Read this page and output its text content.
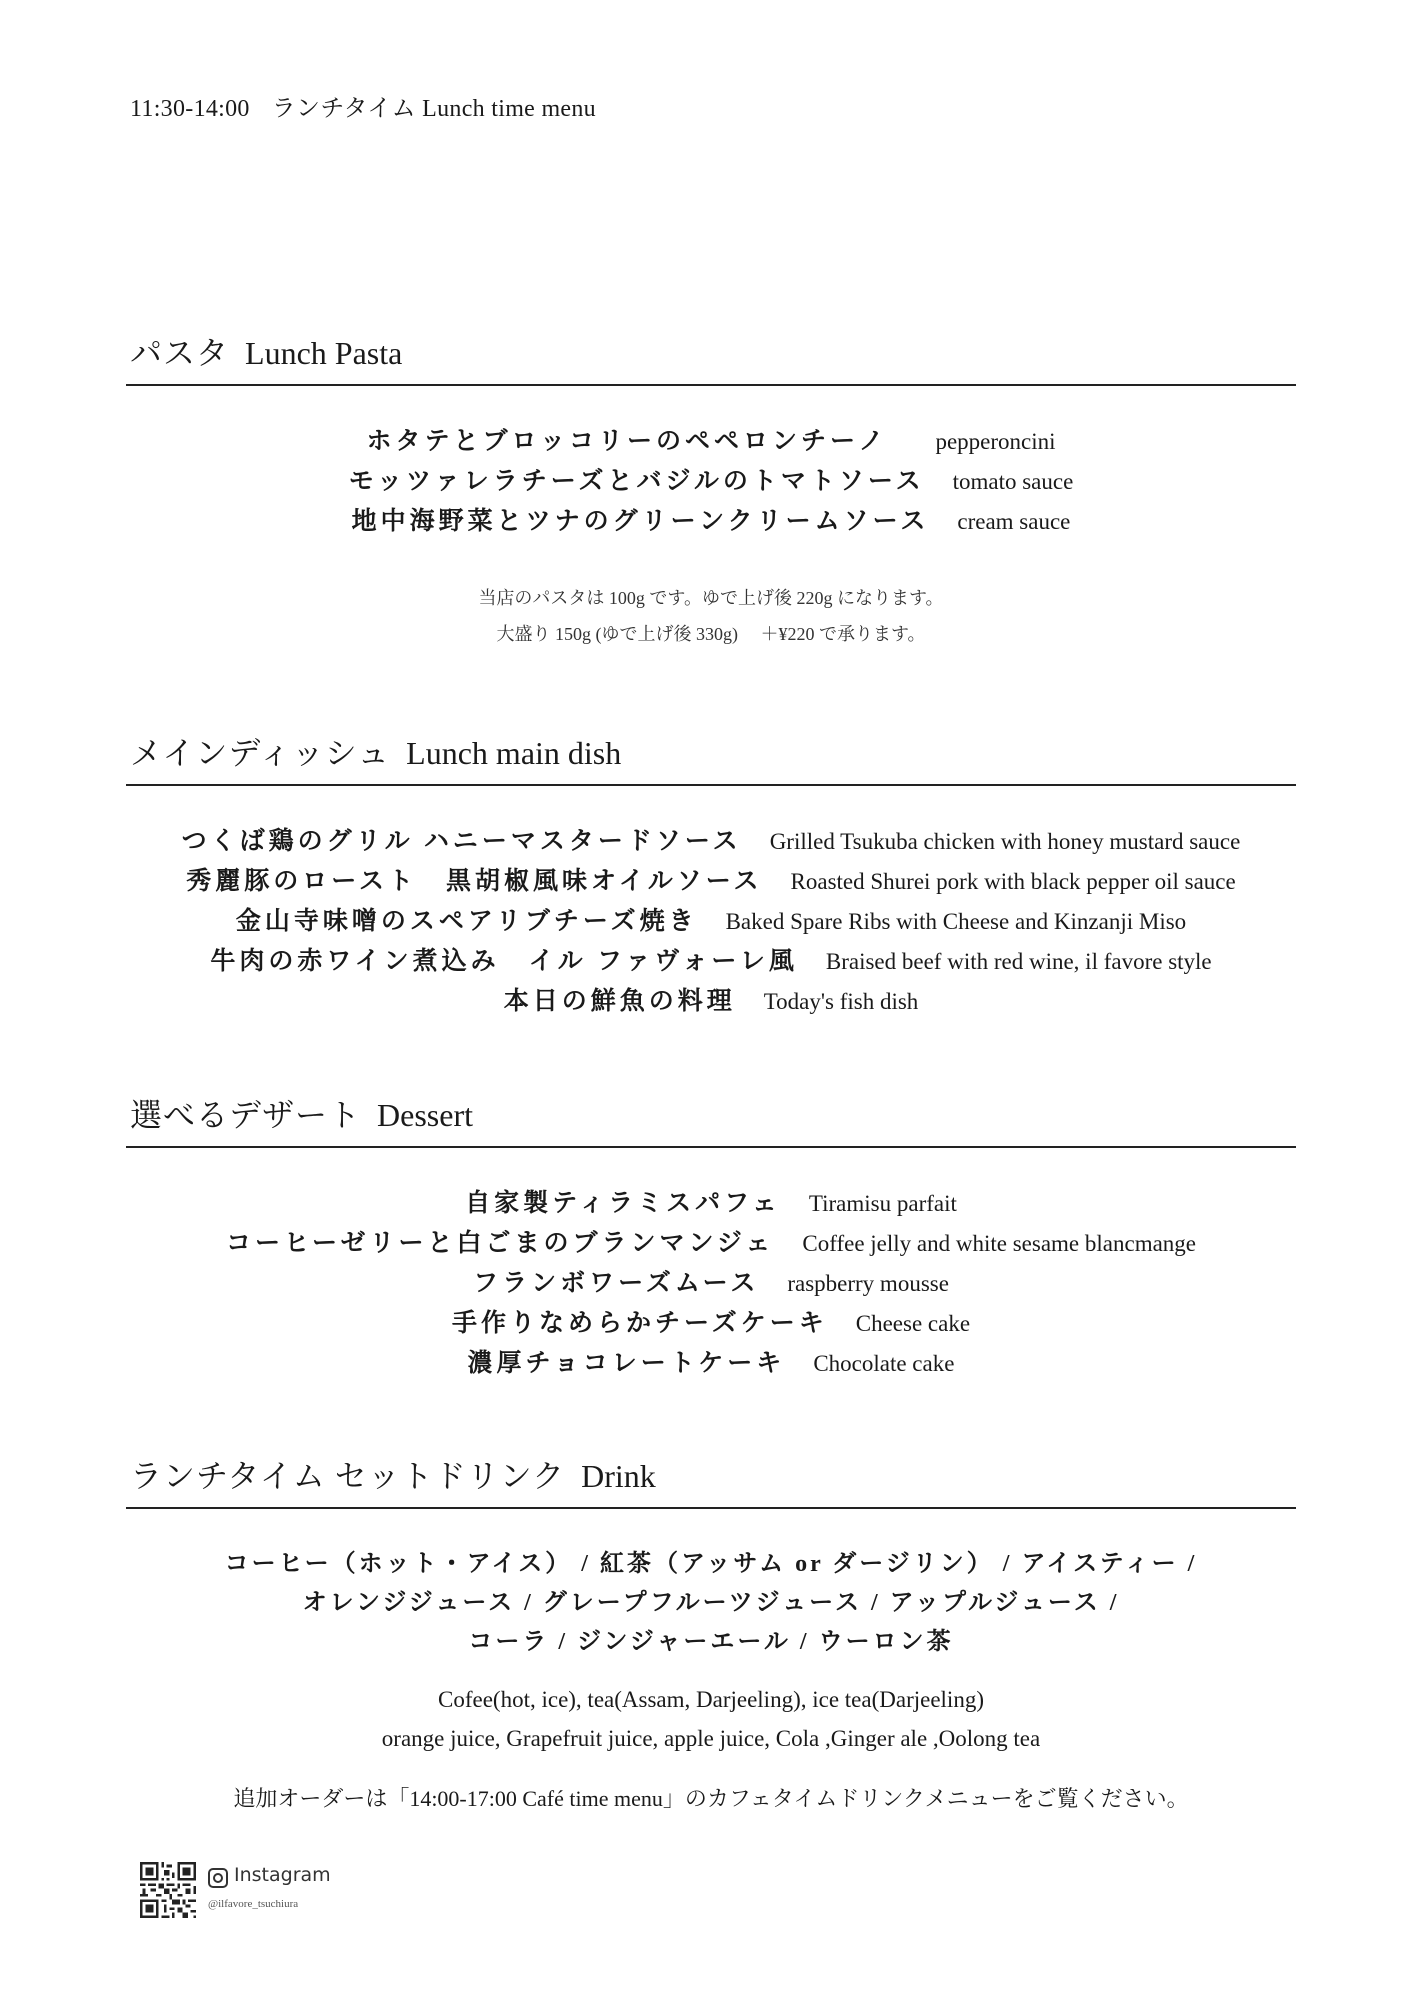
11:30-14:00 ランチタイム Lunch time menu
パスタ Lunch Pasta
ホタテとブロッコリーのペペロンチーノ pepperoncini
モッツァレラチーズとバジルのトマトソース tomato sauce
地中海野菜とツナのグリーンクリームソース cream sauce
当店のパスタは 100g です。ゆで上げ後 220g になります。
大盛り 150g (ゆで上げ後 330g)　 ＋¥220 で承ります。
メインディッシュ Lunch main dish
つくば鶏のグリル ハニーマスタードソース Grilled Tsukuba chicken with honey mustard sauce
秀麗豚のロースト　黒胡椒風味オイルソース Roasted Shurei pork with black pepper oil sauce
金山寺味噌のスペアリブチーズ焼き Baked Spare Ribs with Cheese and Kinzanji Miso
牛肉の赤ワイン煮込み　イル ファヴォーレ風 Braised beef with red wine, il favore style
本日の鮮魚の料理 Today's fish dish
選べるデザート Dessert
自家製ティラミスパフェ Tiramisu parfait
コーヒーゼリーと白ごまのブランマンジェ Coffee jelly and white sesame blancmange
フランボワーズムース raspberry mousse
手作りなめらかチーズケーキ Cheese cake
濃厚チョコレートケーキ Chocolate cake
ランチタイム セットドリンク Drink
コーヒー（ホット・アイス） / 紅茶（アッサム or ダージリン） / アイスティー /
オレンジジュース / グレープフルーツジュース / アップルジュース /
コーラ / ジンジャーエール / ウーロン茶
Cofee(hot, ice), tea(Assam, Darjeeling), ice tea(Darjeeling)
orange juice, Grapefruit juice, apple juice, Cola ,Ginger ale ,Oolong tea
追加オーダーは「14:00-17:00 Café time menu」のカフェタイムドリンクメニューをご覧ください。
Instagram
@ilfavore_tsuchiura
